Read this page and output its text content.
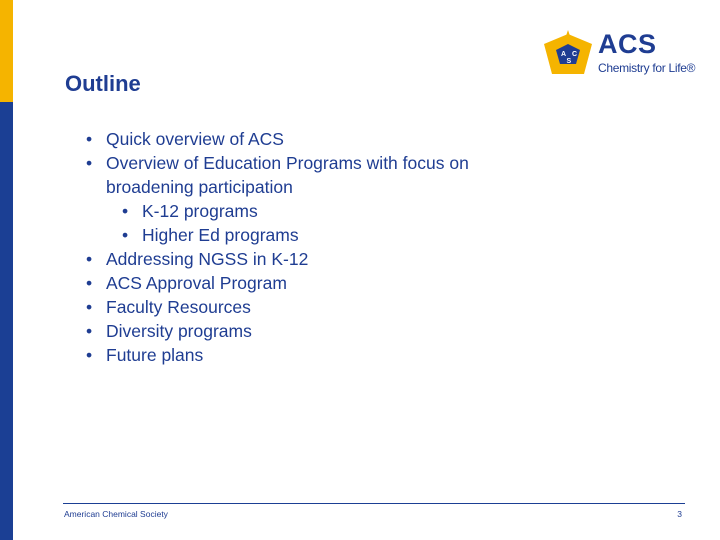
A C
S
ACS
Chemistry for Life®
Outline
• Quick overview of ACS
• Overview of Education Programs with focus on
broadening participation
• K-12 programs
• Higher Ed programs
• Addressing NGSS in K-12
• ACS Approval Program
• Faculty Resources
• Diversity programs
• Future plans
American Chemical Society	3
